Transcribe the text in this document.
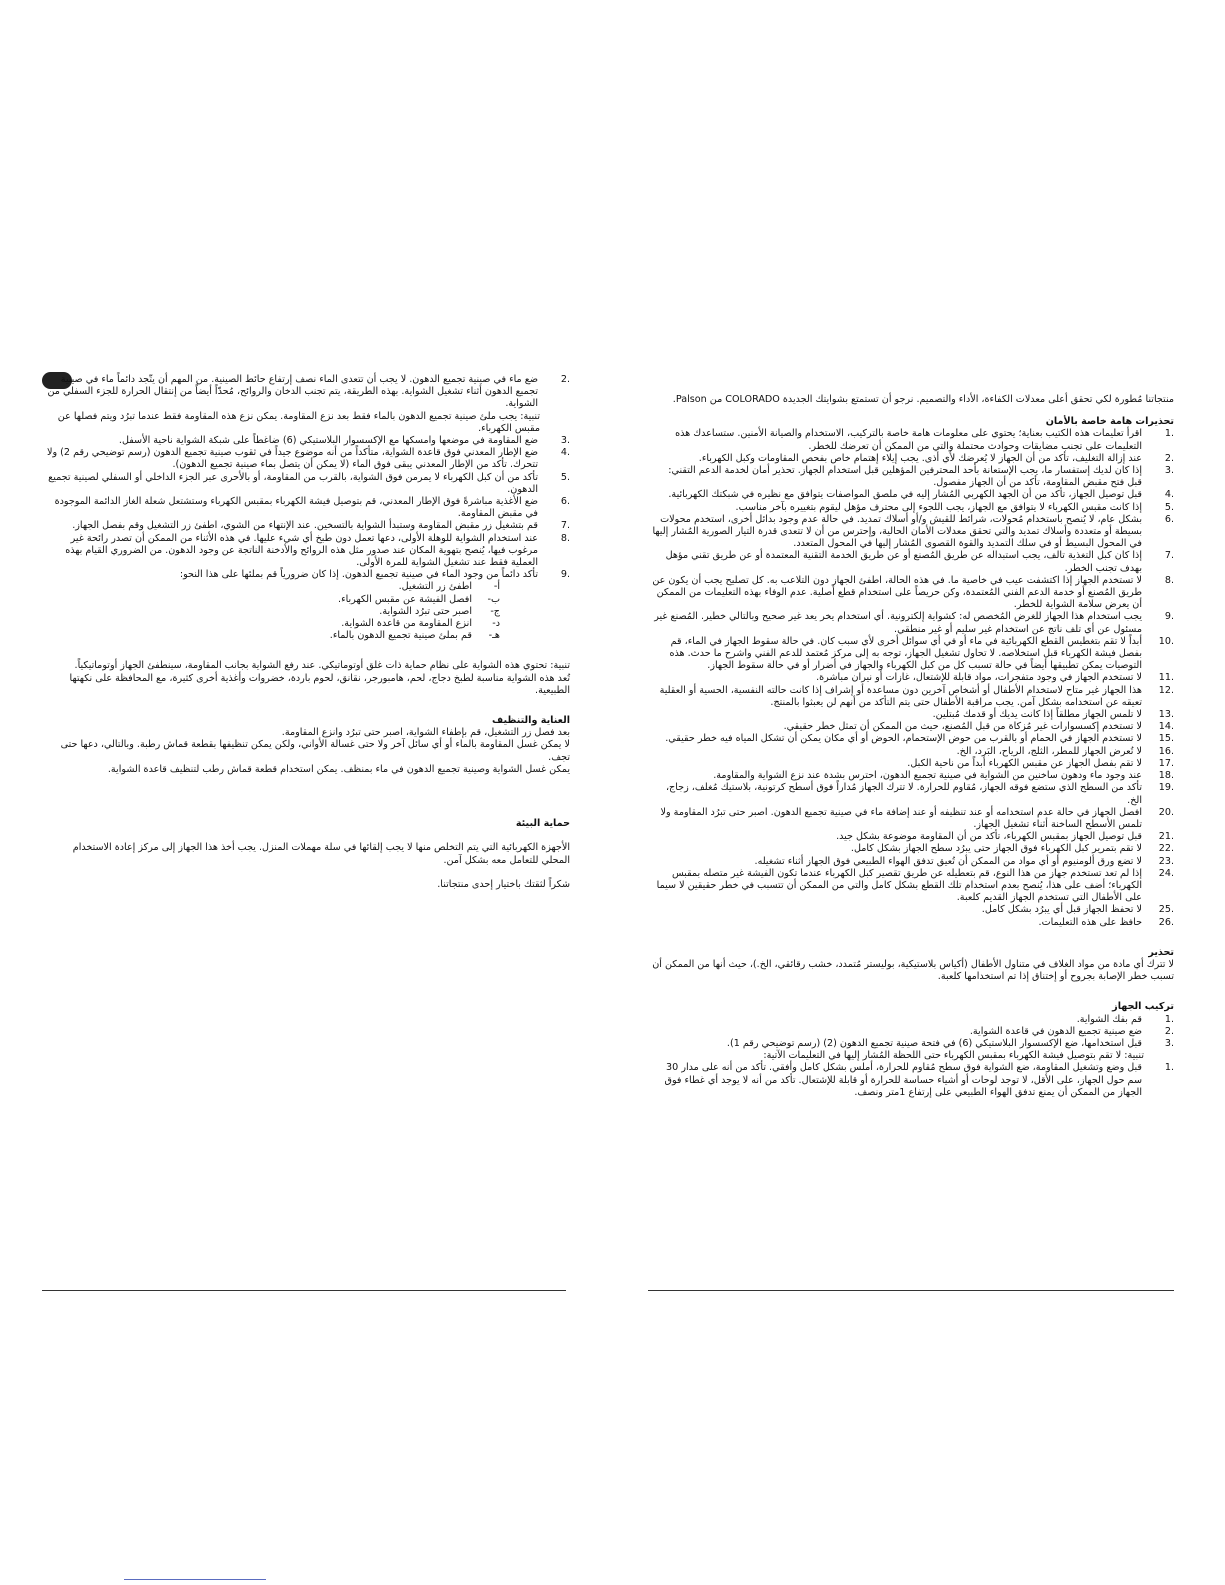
2.
ضع ماء في صينية تجميع الدهون. لا يجب أن تتعدى الماء نصف إرتفاع حائط الصينية. من المهم أن يتّجد دائماً ماء في صينية تجميع الدهون أثناء تشغيل الشواية. بهذه الطريقة، يتم تجنب الدخان والروائح، مُحدّاً أيضاً من إنتقال الحرارة للجزء السفلي من الشواية.

تنبية: يجب ملئ صينية تجميع الدهون بالماء فقط بعد نزع المقاومة. يمكن نزع هذه المقاومة فقط عندما تبرُد ويتم فصلها عن مقبس الكهرباء.

3.
ضع المقاومة في موضعها وامسكها مع الإكسسوار البلاستيكي (6) ضاغطاً على شبكة الشواية ناحية الأسفل.
4.
ضع الإطار المعدني فوق قاعدة الشواية، متأكداً من أنه موضوع جيداً في ثقوب صينية تجميع الدهون (رسم توضيحي رقم 2) ولا تتحرك. تأكد من الإطار المعدني يبقى فوق الماء (لا يمكن أن يتصل بماء صينية تجميع الدهون).
5.
تأكد من أن كبل الكهرباء لا يمرمن فوق الشواية، بالقرب من المقاومة، أو بالأحرى عبر الجزء الداخلي أو السفلي لصينية تجميع الدهون.
6.
ضع الأغذية مباشرةً فوق الإطار المعدني، قم بتوصيل فيشة الكهرباء بمقبس الكهرباء وستشتعل شعلة الغاز الدائمة الموجودة في مقبض المقاومة.
7.
قم بتشغيل زر مقبض المقاومة وستبدأ الشواية بالتسخين. عند الإنتهاء من الشوي، اطفئ زر التشغيل وقم بفصل الجهاز.
8.
عند استخدام الشواية للوهلة الأولى، دعها تعمل دون طبخ أي شيء عليها. في هذه الأثناء من الممكن أن تصدر رائحة غير مرغوب فيها، يُنصح بتهوية المكان عند صدور مثل هذه الروائح والأدخنة الناتجة عن وجود الدهون. من الضروري القيام بهذه العملية فقط عند تشغيل الشواية للمرة الأولى.
9.
تأكد دائماً من وجود الماء في صينية تجميع الدهون. إذا كان ضرورياً قم بملئها على هذا النحو:
أ-
اطفئ زر التشغيل.
ب-
افصل الفيشة عن مقبس الكهرباء.
ج-
اصبر حتى تبرُد الشواية.
د-
انزع المقاومة من قاعدة الشواية.
هـ-
قم بملئ صينية تجميع الدهون بالماء.

تنبية: تحتوي هذه الشواية على نظام حماية ذات غلق أوتوماتيكي. عند رفع الشواية بجانب المقاومة، سينطفئ الجهاز أوتوماتيكياً.

تُعد هذه الشواية مناسبة لطبخ دجاج، لحم، هامبورجر، نقانق، لحوم باردة، خضروات وأغذية أخرى كثيرة، مع المحافظة على نكهتها الطبيعية.

العناية والتنظيف

بعد فصل زر التشغيل، قم بإطفاء الشواية، اصبر حتى تبرُد وانزع المقاومة.

لا يمكن غسل المقاومة بالماء أو أي سائل آخر ولا حتى غسالة الأواني، ولكن يمكن تنظيفها بقطعة قماش رطبة. وبالتالي، دعها حتى تجف.

يمكن غسل الشواية وصينية تجميع الدهون في ماء بمنظف. يمكن استخدام قطعة قماش رطب لتنظيف قاعدة الشواية.

حماية البيئة

الأجهزة الكهربائية التي يتم التخلص منها لا يجب إلقائها في سلة مهملات المنزل. يجب أخذ هذا الجهاز إلى مركز إعادة الاستخدام المحلي للتعامل معه بشكل آمن.

شكراً لثقتك باختيار إحدى منتجاتنا.

منتجاتنا مُطورة لكي تحقق أعلى معدلات الكفاءة، الأداء والتصميم. نرجو أن تستمتع بشوايتك الجديدة COLORADO من Palson.

تحذيرات هامة خاصة بالأمان

1.
اقرأ تعليمات هذه الكتيب بعناية؛ يحتوي على معلومات هامة خاصة بالتركيب، الاستخدام والصيانة الأمنين. ستساعدك هذه التعليمات على تجنب مضايقات وحوادث محتملة والتي من الممكن أن تعرضك للخطر.
2.
عند إزالة التغليف، تأكد من أن الجهاز لا يُعرضك لأي أذى. يجب إيلاء إهتمام خاص بفحص المقاومات وكبل الكهرباء.
3.
إذا كان لديك إستفسار ما، يجب الإستعانة بأحد المحترفين المؤهلين قبل استخدام الجهاز. تحذير أمان لخدمة الدعم التقني: قبل فتح مقبض المقاومة، تأكد من أن الجهاز مفصول.
4.
قبل توصيل الجهاز، تأكد من أن الجهد الكهربي المُشار إليه في ملصق المواصفات يتوافق مع نظيره في شبكتك الكهربائية.
5.
إذا كانت مقبس الكهرباء لا يتوافق مع الجهاز، يجب اللجوء إلى محترف مؤهل ليقوم بتغييره بآخر مناسب.
6.
بشكل عام، لا يُنصح باستخدام مُحولات، شرائط للقيش و/أو أسلاك تمديد. في حالة عدم وجود بدائل أخرى، استخدم محولات بسيطة أو متعددة وأسلاك تمديد والتي تحقق معدلات الأمان الحالية، وإحترس من أن لا تتعدى قدرة التيار الصورية المُشار إليها في المحول البسيط أو في سلك التمديد والقوة القصوى المُشار إليها في المحول المتعدد.
7.
إذا كان كبل التغذية تالف، يجب استبداله عن طريق المُصنع أو عن طريق الخدمة التقنية المعتمدة أو عن طريق تقني مؤهل بهدف تجنب الخطر.
8.
لا تستخدم الجهاز إذا اكتشفت عيب في خاصية ما. في هذه الحالة، اطفئ الجهاز دون التلاعب به. كل تصليح يجب أن يكون عن طريق المُصنع أو خدمة الدعم الفني المُعتمدة، وكن حريصاً على استخدام قطع أصلية. عدم الوفاء بهذه التعليمات من الممكن أن يعرض سلامة الشواية للخطر.
9.
يجب استخدام هذا الجهاز للغرض المُخصص له: كشواية إلكترونية. أي استخدام يخر يعد غير صحيح وبالتالي خطير. المُصنع غير مسئول عن أي تلف ناتج عن استخدام غير سليم أو غير منطقي.
10.
أبداً لا تقم بتغطيس القطع الكهربائية في ماء أو في أي سوائل أخرى لأي سبب كان. في حالة سقوط الجهاز في الماء، قم بفصل فيشة الكهرباء قبل استخلاصه. لا تحاول تشغيل الجهاز، توجه به إلى مركز مُعتمد للدعم الفني واشرح ما حدث. هذه التوصيات يمكن تطبيقها أيضاً في حالة تسبب كل من كبل الكهرباء والجهاز في أضرار أو في حالة سقوط الجهاز.
11.
لا تستخدم الجهاز في وجود متفجرات، مواد قابلة للإشتعال، غازات أو نيران مباشرة.
12.
هذا الجهاز غير متاح لاستخدام الأطفال أو أشخاص آخرين دون مساعدة أو إشراف إذا كانت حالته النفسية، الحسية أو العقلية تعيقه عن استخدامه بشكل آمن. يجب مراقبة الأطفال حتى يتم التأكد من أنهم لن يعبثوا بالمنتج.
13.
لا تلمس الجهاز مطلقاً إذا كانت يديك أو قدمك مُبتلين.
14.
لا تستخدم إكسسوارات غير مُزكاة من قبل المُصنع، حيث من الممكن أن تمثل خطر حقيقي.
15.
لا تستخدم الجهاز في الحمام أو بالقرب من حوض الإستحمام، الحوض أو أي مكان يمكن أن تشكل المياه فيه خطر حقيقي.
16.
لا تُعرض الجهاز للمطر، الثلج، الرياح، البَرد، الخ.
17.
لا تقم بفصل الجهاز عن مقبس الكهرباء أبداً من ناحية الكبل.
18.
عند وجود ماء ودهون ساخنين من الشواية في صينية تجميع الدهون، احترس بشدة عند نزع الشواية والمقاومة.
19.
تأكد من السطح الذي ستضع فوقه الجهاز، مُقاوم للحرارة. لا تترك الجهاز مُداراً فوق أسطح كرتونية، بلاستيك مُغلف، زجاج، الخ.
20.
افصل الجهاز في حالة عدم استخدامه أو عند تنظيفه أو عند إضافة ماء في صينية تجميع الدهون. اصبر حتى تبرُد المقاومة ولا تلمس الأسطح الساخنة أثناء تشغيل الجهاز.
21.
قبل توصيل الجهاز بمقبس الكهرباء، تأكد من أن المقاومة موضوعة بشكل جيد.
22.
لا تقم بتمرير كبل الكهرباء فوق الجهاز حتى يبرُد سطح الجهاز بشكل كامل.
23.
لا تضع ورق ألومنيوم أو أي مواد من الممكن أن تُعيق تدفق الهواء الطبيعي فوق الجهاز أثناء تشغيله.
24.
إذا لم تعد تستخدم جهاز من هذا النوع، قم بتعطيله عن طريق تقصير كبل الكهرباء عندما تكون الفيشة غير متصله بمقبس الكهرباء؛ أضف على هذا، يُنصح بعدم استخدام تلك القطع بشكل كامل والتي من الممكن أن تتسبب في خطر حقيقين لا سيما على الأطفال التي تستخدم الجهاز القديم كلعبة.
25.
لا تحفظ الجهاز قبل أي يبرُد بشكل كامل.
26.
حافظ على هذه التعليمات.

تحذير

لا تترك أي مادة من مواد الغلاف في متناول الأطفال (أكياس بلاستيكية، بوليستر مُتمدد، خشب رقائقي، الخ.)، حيث أنها من الممكن أن تسبب خطر الإصابة بجروح أو إختناق إذا تم استخدامها كلعبة.

تركيب الجهاز

1.
قم بفك الشواية.
2.
ضع صينية تجميع الدهون في قاعدة الشواية.
3.
قبل استخدامها، ضع الإكسسوار البلاستيكي (6) في فتحة صينية تجميع الدهون (2) (رسم توضيحي رقم 1).

تنبية: لا تقم بتوصيل فيشة الكهرباء بمقبس الكهرباء حتى اللحظة المُشار إليها في التعليمات الآتية:

1.
قبل وضع وتشغيل المقاومة، ضع الشواية فوق سطح مُقاوم للحرارة، أملس بشكل كامل وأفقي. تأكد من أنه على مدار 30 سم حول الجهاز، على الأقل، لا توجد لوحات أو أشياء حساسة للحرارة أو قابلة للإشتعال. تأكد من أنه لا يوجد أي غطاء فوق الجهاز من الممكن أن يمنع تدفق الهواء الطبيعي على إرتفاع 1متر ونصف.
